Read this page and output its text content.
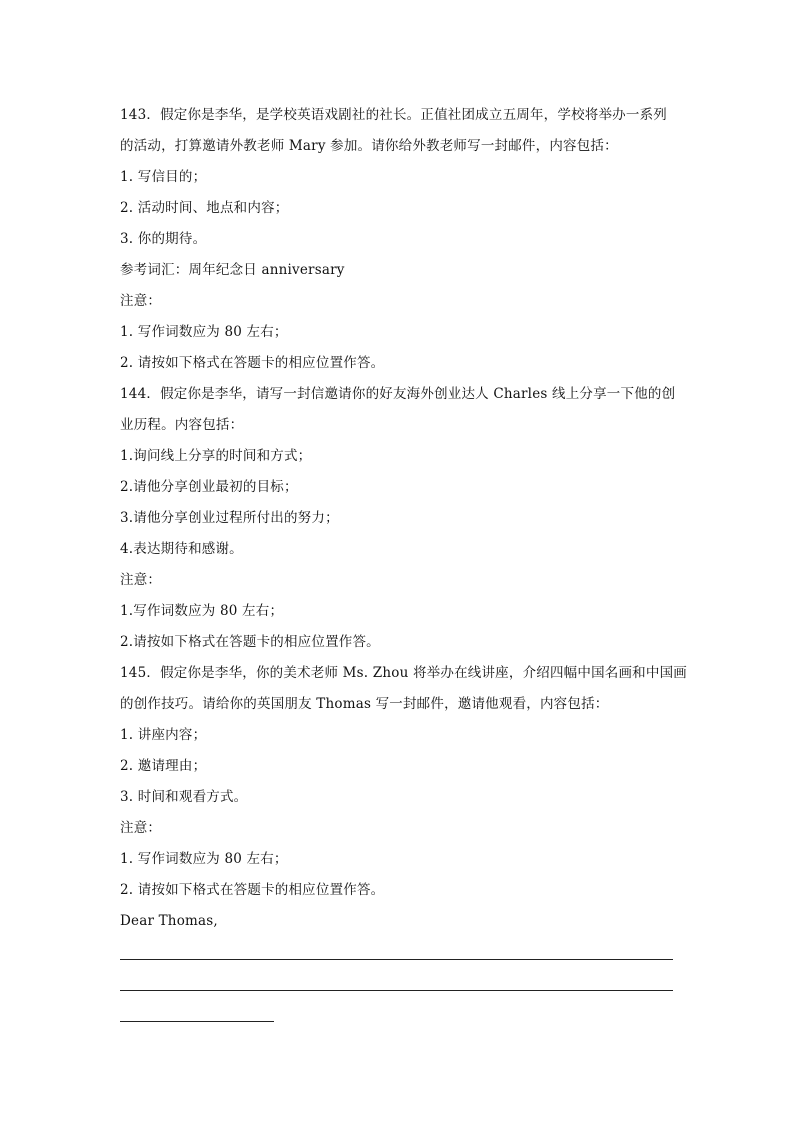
143．假定你是李华，是学校英语戏剧社的社长。正值社团成立五周年，学校将举办一系列
的活动，打算邀请外教老师 Mary 参加。请你给外教老师写一封邮件，内容包括：
1. 写信目的；
2. 活动时间、地点和内容；
3. 你的期待。
参考词汇：周年纪念日 anniversary
注意：
1. 写作词数应为 80 左右；
2. 请按如下格式在答题卡的相应位置作答。
144．假定你是李华，请写一封信邀请你的好友海外创业达人 Charles 线上分享一下他的创
业历程。内容包括：
1.询问线上分享的时间和方式；
2.请他分享创业最初的目标；
3.请他分享创业过程所付出的努力；
4.表达期待和感谢。
注意：
1.写作词数应为 80 左右；
2.请按如下格式在答题卡的相应位置作答。
145．假定你是李华，你的美术老师 Ms. Zhou 将举办在线讲座，介绍四幅中国名画和中国画
的创作技巧。请给你的英国朋友 Thomas 写一封邮件，邀请他观看，内容包括：
1. 讲座内容；
2. 邀请理由；
3. 时间和观看方式。
注意：
1. 写作词数应为 80 左右；
2. 请按如下格式在答题卡的相应位置作答。
Dear Thomas,
